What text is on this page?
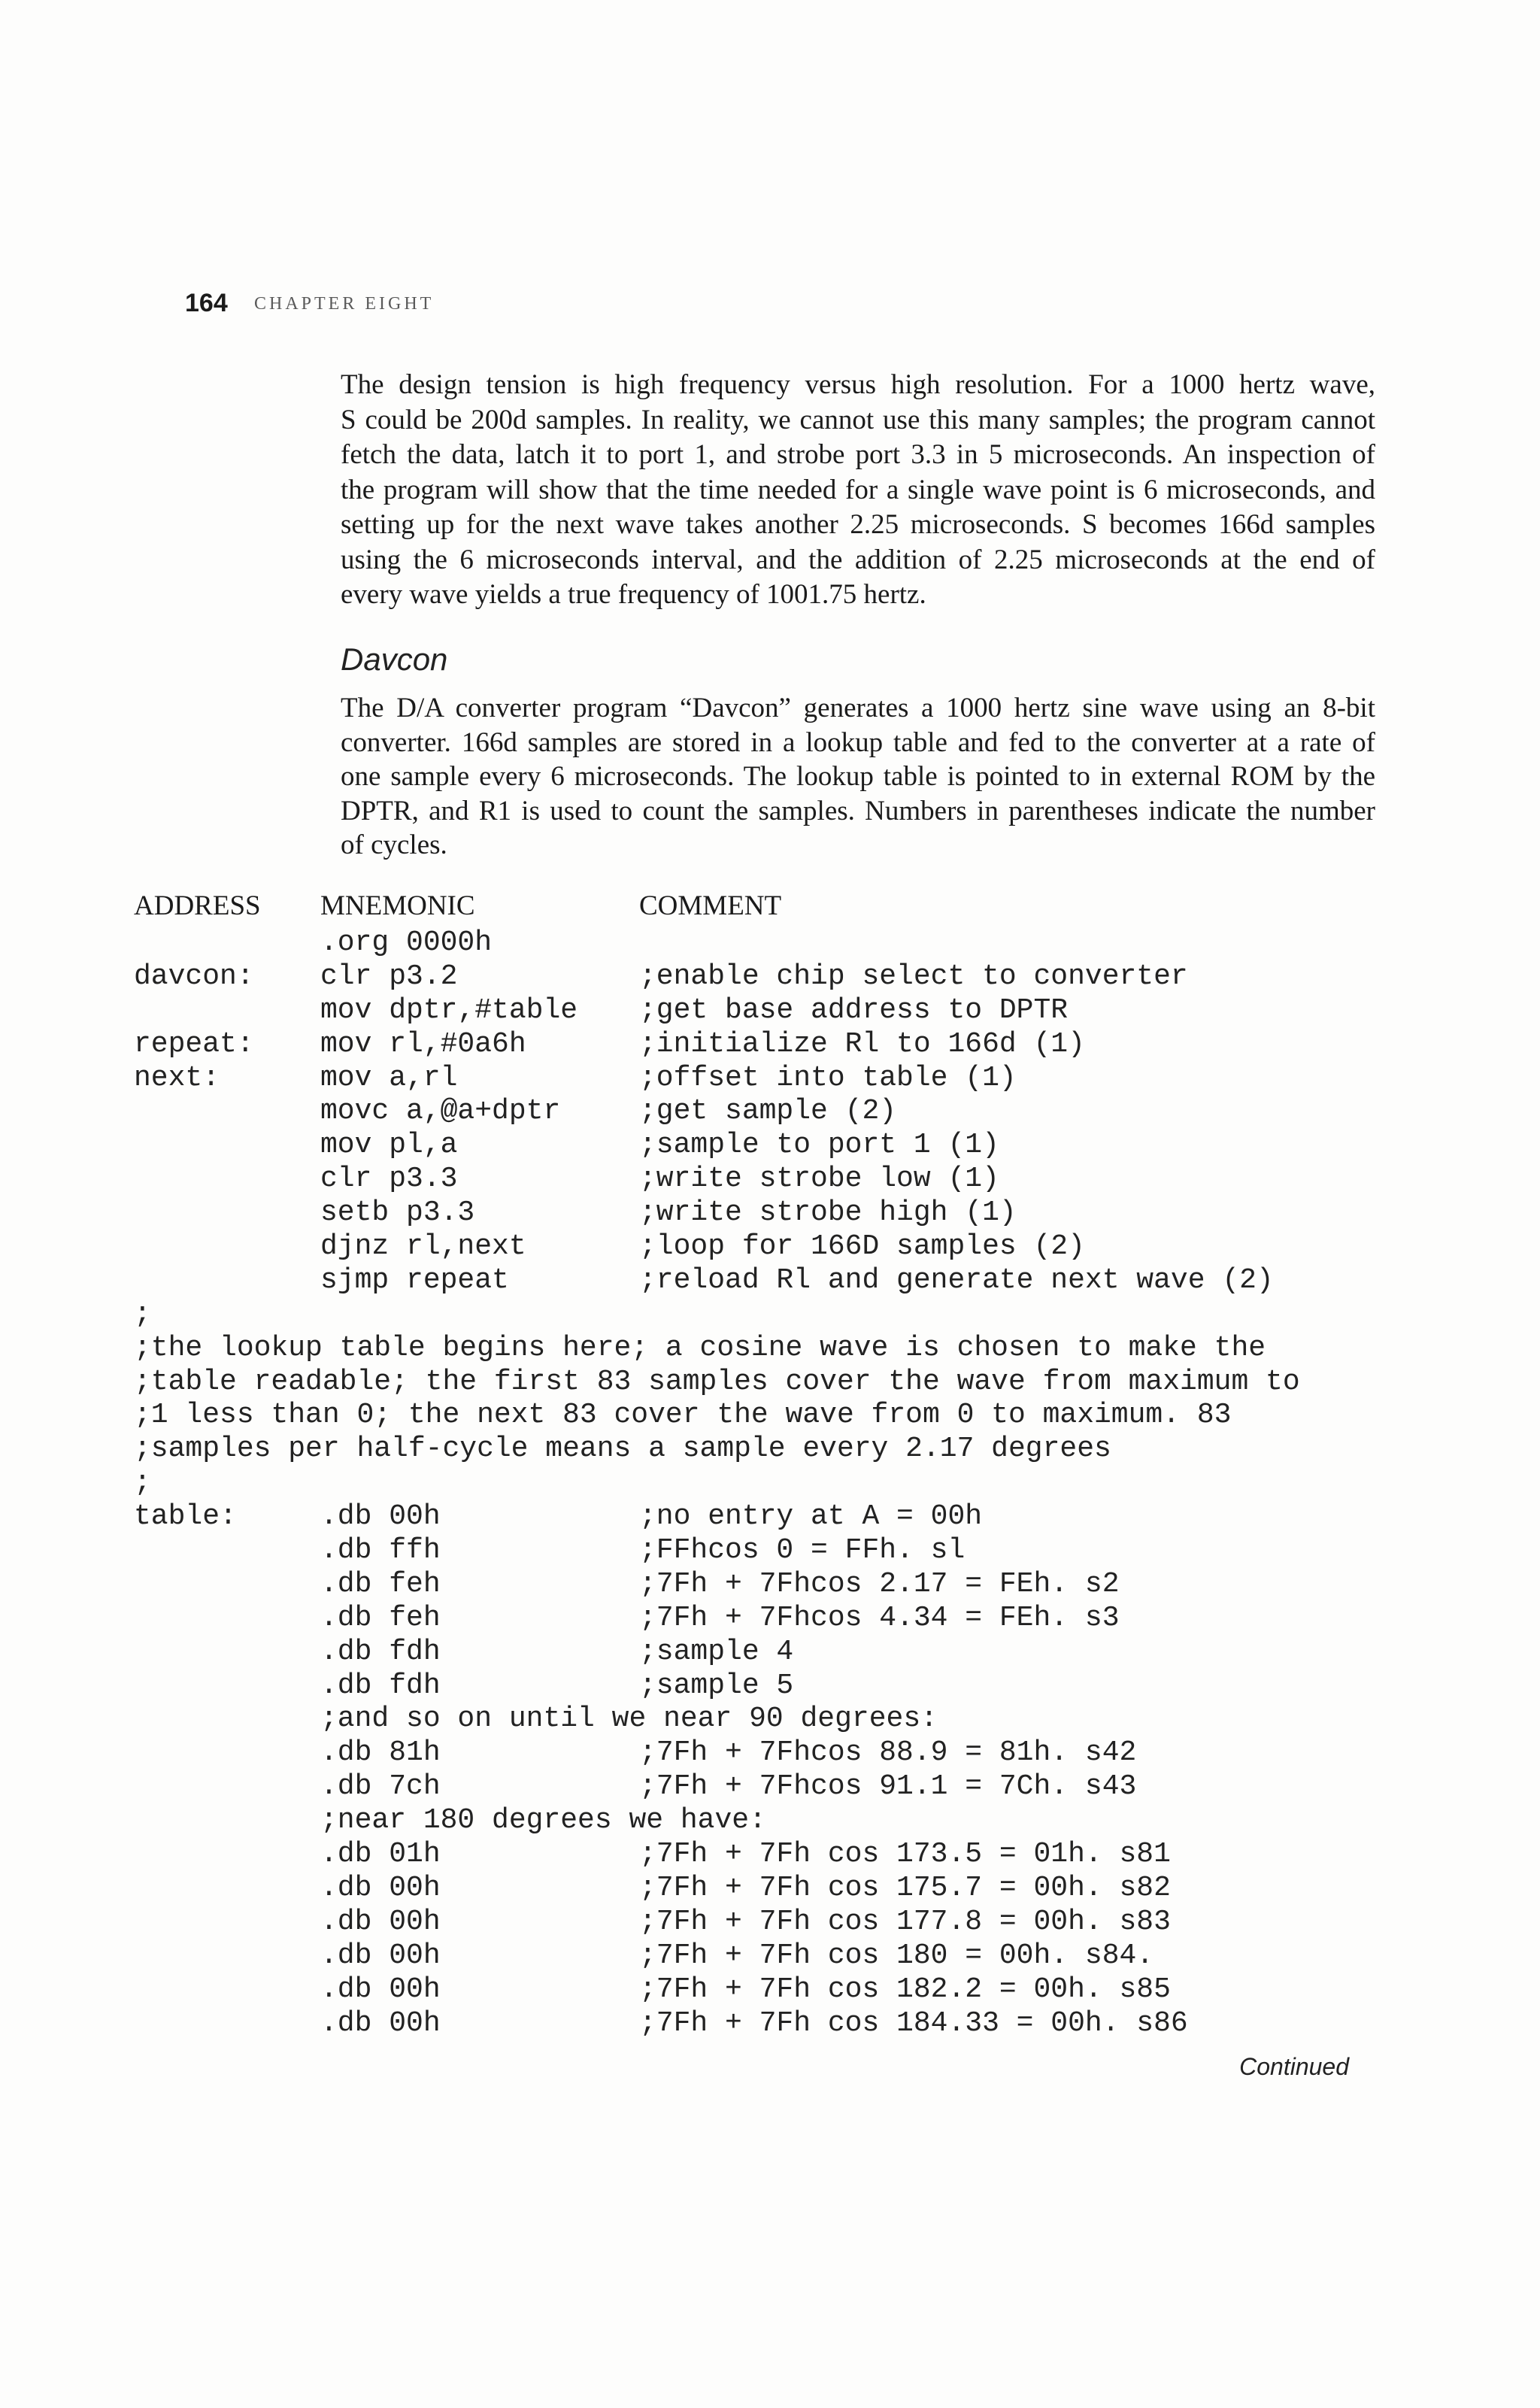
164 CHAPTER EIGHT
The design tension is high frequency versus high resolution. For a 1000 hertz wave,
S could be 200d samples. In reality, we cannot use this many samples; the program cannot
fetch the data, latch it to port 1, and strobe port 3.3 in 5 microseconds. An inspection of
the program will show that the time needed for a single wave point is 6 microseconds, and
setting up for the next wave takes another 2.25 microseconds. S becomes 166d samples
using the 6 microseconds interval, and the addition of 2.25 microseconds at the end of
every wave yields a true frequency of 1001.75 hertz.
Davcon
The D/A converter program “Davcon” generates a 1000 hertz sine wave using an 8-bit
converter. 166d samples are stored in a lookup table and fed to the converter at a rate of
one sample every 6 microseconds. The lookup table is pointed to in external ROM by the
DPTR, and R1 is used to count the samples. Numbers in parentheses indicate the number
of cycles.
ADDRESS MNEMONIC	COMMENT
.org 0000h
davcon: clr p3.2	;enable chip select to converter
mov dptr,#table ;get base address to DPTR
repeat: mov rl,#0a6h	;initialize Rl to 166d (1)
next:	mov a,rl	;offset into table (1)
movc a,@a+dptr	;get sample (2)
mov pl,a	;sample to port 1 (1)
clr p3.3	;write strobe low (1)
setb p3.3	;write strobe high (1)
djnz rl,next	;loop for 166D samples (2)
sjmp repeat	;reload Rl and generate next wave (2)
;
;the lookup table begins here; a cosine wave is chosen to make the
;table readable; the first 83 samples cover the wave from maximum to
;1 less than 0; the next 83 cover the wave from 0 to maximum. 83
;samples per half-cycle means a sample every 2.17 degrees
;
table:	.db 00h	;no entry at A = 00h
.db ffh	;FFhcos 0 = FFh. sl
.db feh	;7Fh + 7Fhcos 2.17 = FEh. s2
.db feh	;7Fh + 7Fhcos 4.34 = FEh. s3
.db fdh	;sample 4
.db fdh	;sample 5
;and so on until we near 90 degrees:
.db 81h	;7Fh + 7Fhcos 88.9 = 81h. s42
.db 7ch	;7Fh + 7Fhcos 91.1 = 7Ch. s43
;near 180 degrees we have:
.db 01h	;7Fh + 7Fh cos 173.5 = 01h. s81
.db 00h	;7Fh + 7Fh cos 175.7 = 00h. s82
.db 00h	;7Fh + 7Fh cos 177.8 = 00h. s83
.db 00h	;7Fh + 7Fh cos 180 = 00h. s84.
.db 00h	;7Fh + 7Fh cos 182.2 = 00h. s85
.db 00h	;7Fh + 7Fh cos 184.33 = 00h. s86
Continued
